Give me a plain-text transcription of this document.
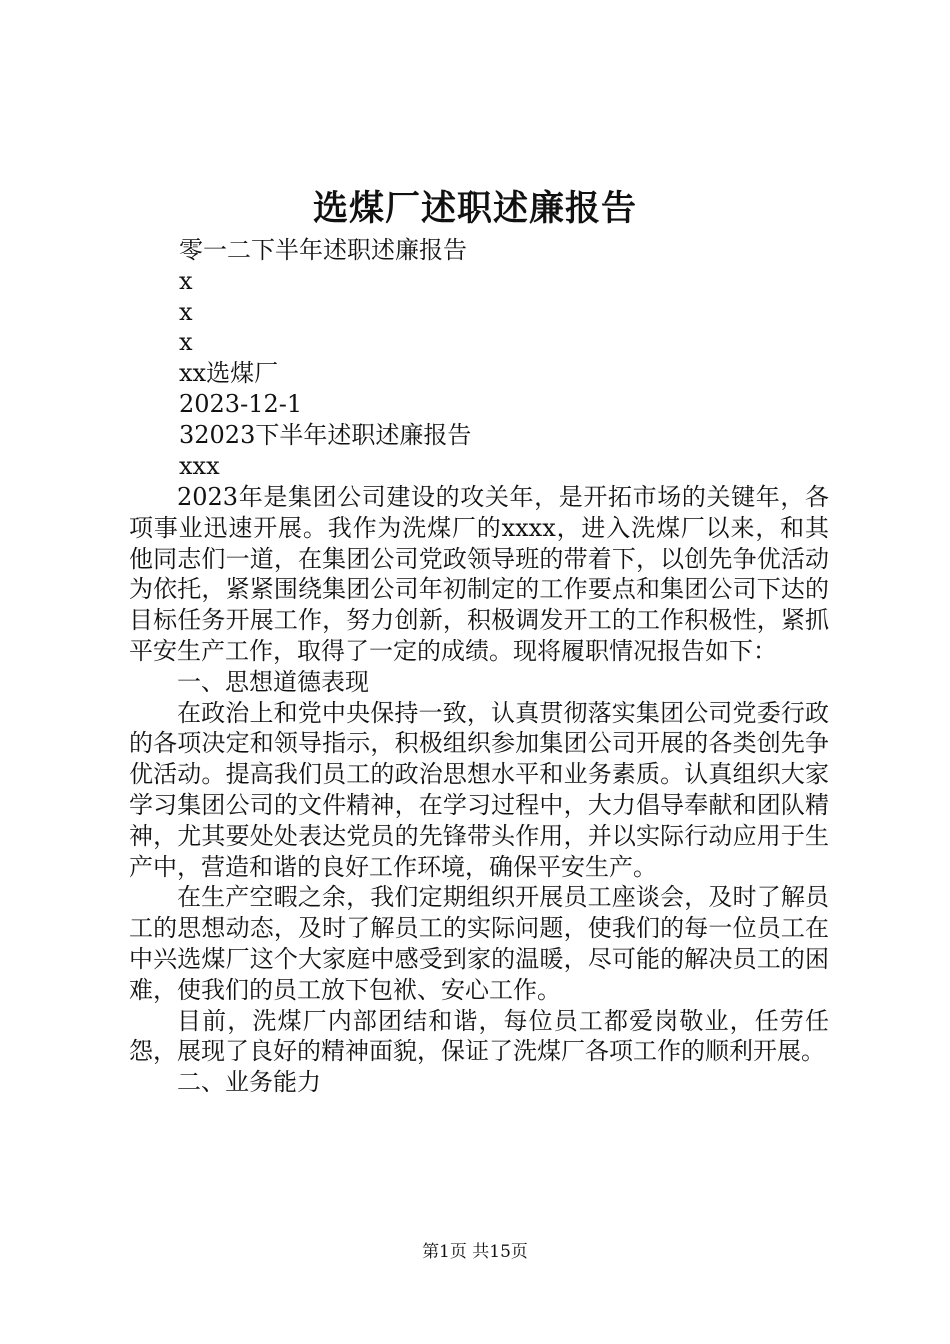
选煤厂述职述廉报告
零一二下半年述职述廉报告
x
x
x
xx选煤厂
2023-12-1
32023下半年述职述廉报告
xxx

2023年是集团公司建设的攻关年，是开拓市场的关键年，各项事业迅速开展。我作为洗煤厂的xxxx，进入洗煤厂以来，和其他同志们一道，在集团公司党政领导班的带着下，以创先争优活动为依托，紧紧围绕集团公司年初制定的工作要点和集团公司下达的目标任务开展工作，努力创新，积极调发开工的工作积极性，紧抓平安生产工作，取得了一定的成绩。现将履职情况报告如下：

一、思想道德表现

在政治上和党中央保持一致，认真贯彻落实集团公司党委行政的各项决定和领导指示，积极组织参加集团公司开展的各类创先争优活动。提高我们员工的政治思想水平和业务素质。认真组织大家学习集团公司的文件精神，在学习过程中，大力倡导奉献和团队精神，尤其要处处表达党员的先锋带头作用，并以实际行动应用于生产中，营造和谐的良好工作环境，确保平安生产。

在生产空暇之余，我们定期组织开展员工座谈会，及时了解员工的思想动态，及时了解员工的实际问题，使我们的每一位员工在中兴选煤厂这个大家庭中感受到家的温暖，尽可能的解决员工的困难，使我们的员工放下包袱、安心工作。

目前，洗煤厂内部团结和谐，每位员工都爱岗敬业，任劳任怨，展现了良好的精神面貌，保证了洗煤厂各项工作的顺利开展。

二、业务能力

第1页 共15页
